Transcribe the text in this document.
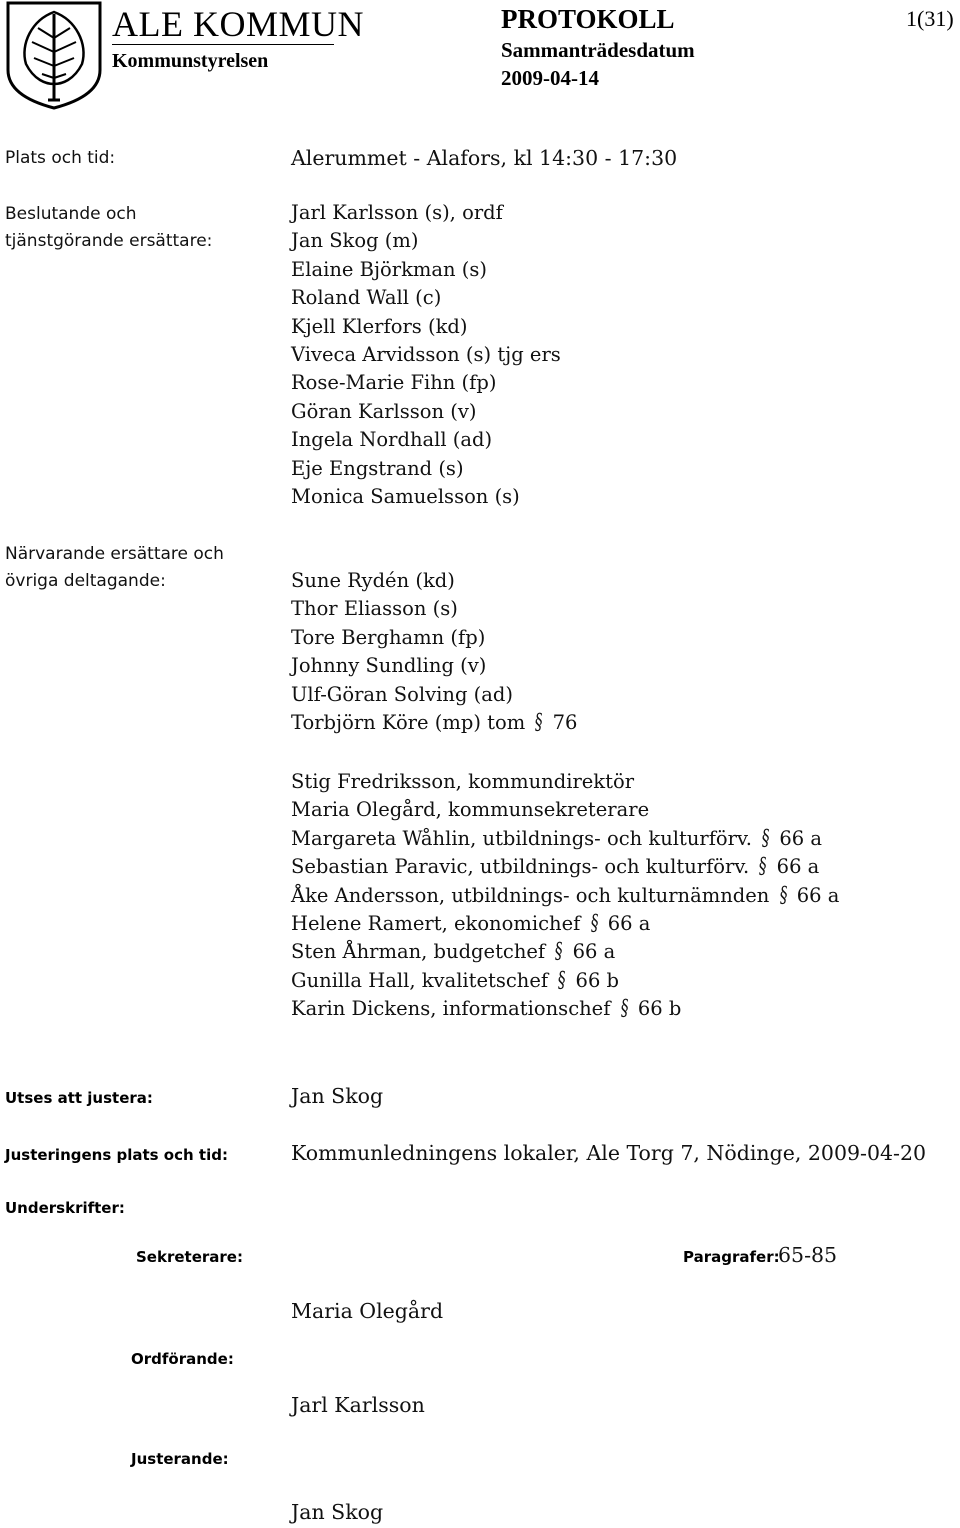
ALE KOMMUN
Kommunstyrelsen
PROTOKOLL	1(31)
Sammanträdesdatum
2009-04-14
Plats och tid:	Alerummet - Alafors, kl 14:30 - 17:30
Beslutande och
tjänstgörande ersättare:
Jarl Karlsson (s), ordf
Jan Skog (m)
Elaine Björkman (s)
Roland Wall (c)
Kjell Klerfors (kd)
Viveca Arvidsson (s) tjg ers
Rose-Marie Fihn (fp)
Göran Karlsson (v)
Ingela Nordhall (ad)
Eje Engstrand (s)
Monica Samuelsson (s)
Närvarande ersättare och
övriga deltagande:	Sune Rydén (kd)
Thor Eliasson (s)
Tore Berghamn (fp)
Johnny Sundling (v)
Ulf-Göran Solving (ad)
Torbjörn Köre (mp) tom § 76
Stig Fredriksson, kommundirektör
Maria Olegård, kommunsekreterare
Margareta Wåhlin, utbildnings- och kulturförv. § 66 a
Sebastian Paravic, utbildnings- och kulturförv. § 66 a
Åke Andersson, utbildnings- och kulturnämnden § 66 a
Helene Ramert, ekonomichef § 66 a
Sten Åhrman, budgetchef § 66 a
Gunilla Hall, kvalitetschef § 66 b
Karin Dickens, informationschef § 66 b
Utses att justera:	Jan Skog
Justeringens plats och tid:	Kommunledningens lokaler, Ale Torg 7, Nödinge, 2009-04-20
Underskrifter:
Sekreterare:	Paragrafer:
65-85
Maria Olegård
Ordförande:
Jarl Karlsson
Justerande:
Jan Skog
